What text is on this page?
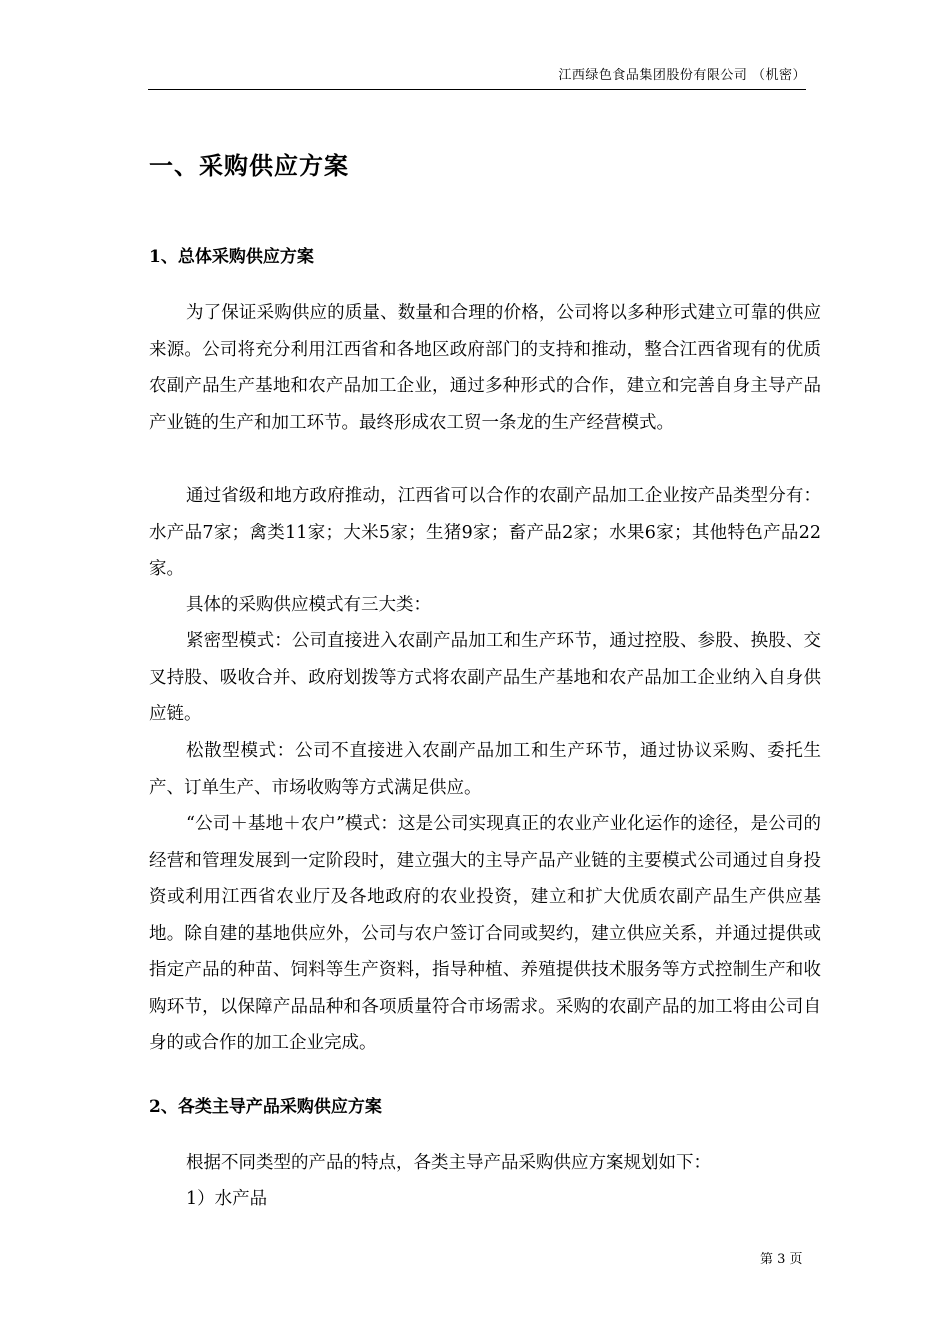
江西绿色食品集团股份有限公司 （机密）
一、采购供应方案
1、总体采购供应方案

为了保证采购供应的质量、数量和合理的价格，公司将以多种形式建立可靠的供应来源。公司将充分利用江西省和各地区政府部门的支持和推动，整合江西省现有的优质农副产品生产基地和农产品加工企业，通过多种形式的合作，建立和完善自身主导产品产业链的生产和加工环节。最终形成农工贸一条龙的生产经营模式。

通过省级和地方政府推动，江西省可以合作的农副产品加工企业按产品类型分有：水产品7家；禽类11家；大米5家；生猪9家；畜产品2家；水果6家；其他特色产品22家。

具体的采购供应模式有三大类：

紧密型模式：公司直接进入农副产品加工和生产环节，通过控股、参股、换股、交叉持股、吸收合并、政府划拨等方式将农副产品生产基地和农产品加工企业纳入自身供应链。

松散型模式：公司不直接进入农副产品加工和生产环节，通过协议采购、委托生产、订单生产、市场收购等方式满足供应。

“公司＋基地＋农户”模式：这是公司实现真正的农业产业化运作的途径，是公司的经营和管理发展到一定阶段时，建立强大的主导产品产业链的主要模式公司通过自身投资或利用江西省农业厅及各地政府的农业投资，建立和扩大优质农副产品生产供应基地。除自建的基地供应外，公司与农户签订合同或契约，建立供应关系，并通过提供或指定产品的种苗、饲料等生产资料，指导种植、养殖提供技术服务等方式控制生产和收购环节，以保障产品品种和各项质量符合市场需求。采购的农副产品的加工将由公司自身的或合作的加工企业完成。

2、各类主导产品采购供应方案

根据不同类型的产品的特点，各类主导产品采购供应方案规划如下：

1）水产品

第 3 页
